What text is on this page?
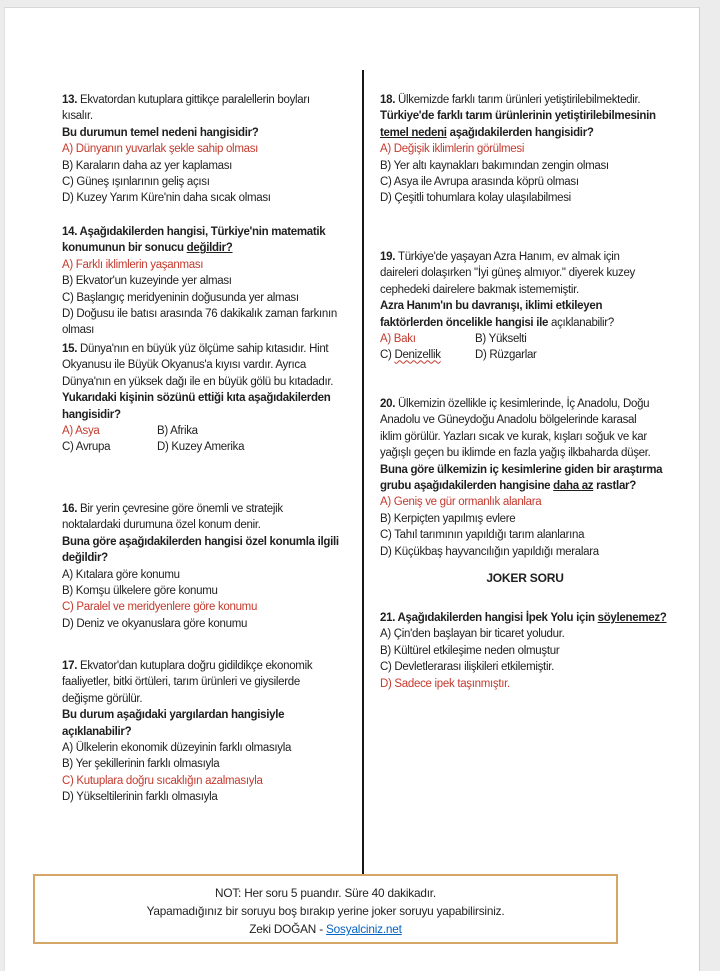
13. Ekvatordan kutuplara gittikçe paralellerin boyları
kısalır.
Bu durumun temel nedeni hangisidir?
A) Dünyanın yuvarlak şekle sahip olması
B) Karaların daha az yer kaplaması
C) Güneş ışınlarının geliş açısı
D) Kuzey Yarım Küre'nin daha sıcak olması
14. Aşağıdakilerden hangisi, Türkiye'nin matematik
konumunun bir sonucu değildir?
A) Farklı iklimlerin yaşanması
B) Ekvator'un kuzeyinde yer alması
C) Başlangıç meridyeninin doğusunda yer alması
D) Doğusu ile batısı arasında 76 dakikalık zaman farkının
olması
15. Dünya'nın en büyük yüz ölçüme sahip kıtasıdır. Hint
Okyanusu ile Büyük Okyanus'a kıyısı vardır. Ayrıca
Dünya'nın en yüksek dağı ile en büyük gölü bu kıtadadır.
Yukarıdaki kişinin sözünü ettiği kıta aşağıdakilerden
hangisidir?
A) Asya	B) Afrika
C) Avrupa	D) Kuzey Amerika
16. Bir yerin çevresine göre önemli ve stratejik
noktalardaki durumuna özel konum denir.
Buna göre aşağıdakilerden hangisi özel konumla ilgili
değildir?
A) Kıtalara göre konumu
B) Komşu ülkelere göre konumu
C) Paralel ve meridyenlere göre konumu
D) Deniz ve okyanuslara göre konumu
17. Ekvator'dan kutuplara doğru gidildikçe ekonomik
faaliyetler, bitki örtüleri, tarım ürünleri ve giysilerde
değişme görülür.
Bu durum aşağıdaki yargılardan hangisiyle
açıklanabilir?
A) Ülkelerin ekonomik düzeyinin farklı olmasıyla
B) Yer şekillerinin farklı olmasıyla
C) Kutuplara doğru sıcaklığın azalmasıyla
D) Yükseltilerinin farklı olmasıyla
18. Ülkemizde farklı tarım ürünleri yetiştirilebilmektedir.
Türkiye'de farklı tarım ürünlerinin yetiştirilebilmesinin
temel nedeni aşağıdakilerden hangisidir?
A) Değişik iklimlerin görülmesi
B) Yer altı kaynakları bakımından zengin olması
C) Asya ile Avrupa arasında köprü olması
D) Çeşitli tohumlara kolay ulaşılabilmesi
19. Türkiye'de yaşayan Azra Hanım, ev almak için
daireleri dolaşırken "İyi güneş almıyor." diyerek kuzey
cephedeki dairelere bakmak istememiştir.
Azra Hanım'ın bu davranışı, iklimi etkileyen
faktörlerden öncelikle hangisi ile açıklanabilir?
A) Bakı	B) Yükselti
C) Denizellik	D) Rüzgarlar
20. Ülkemizin özellikle iç kesimlerinde, İç Anadolu, Doğu
Anadolu ve Güneydoğu Anadolu bölgelerinde karasal
iklim görülür. Yazları sıcak ve kurak, kışları soğuk ve kar
yağışlı geçen bu iklimde en fazla yağış ilkbaharda düşer.
Buna göre ülkemizin iç kesimlerine giden bir araştırma
grubu aşağıdakilerden hangisine daha az rastlar?
A) Geniş ve gür ormanlık alanlara
B) Kerpiçten yapılmış evlere
C) Tahıl tarımının yapıldığı tarım alanlarına
D) Küçükbaş hayvancılığın yapıldığı meralara
JOKER SORU
21. Aşağıdakilerden hangisi İpek Yolu için söylenemez?
A) Çin'den başlayan bir ticaret yoludur.
B) Kültürel etkileşime neden olmuştur
C) Devletlerarası ilişkileri etkilemiştir.
D) Sadece ipek taşınmıştır.
NOT: Her soru 5 puandır. Süre 40 dakikadır.
Yapamadığınız bir soruyu boş bırakıp yerine joker soruyu yapabilirsiniz.
Zeki DOĞAN - Sosyalciniz.net
